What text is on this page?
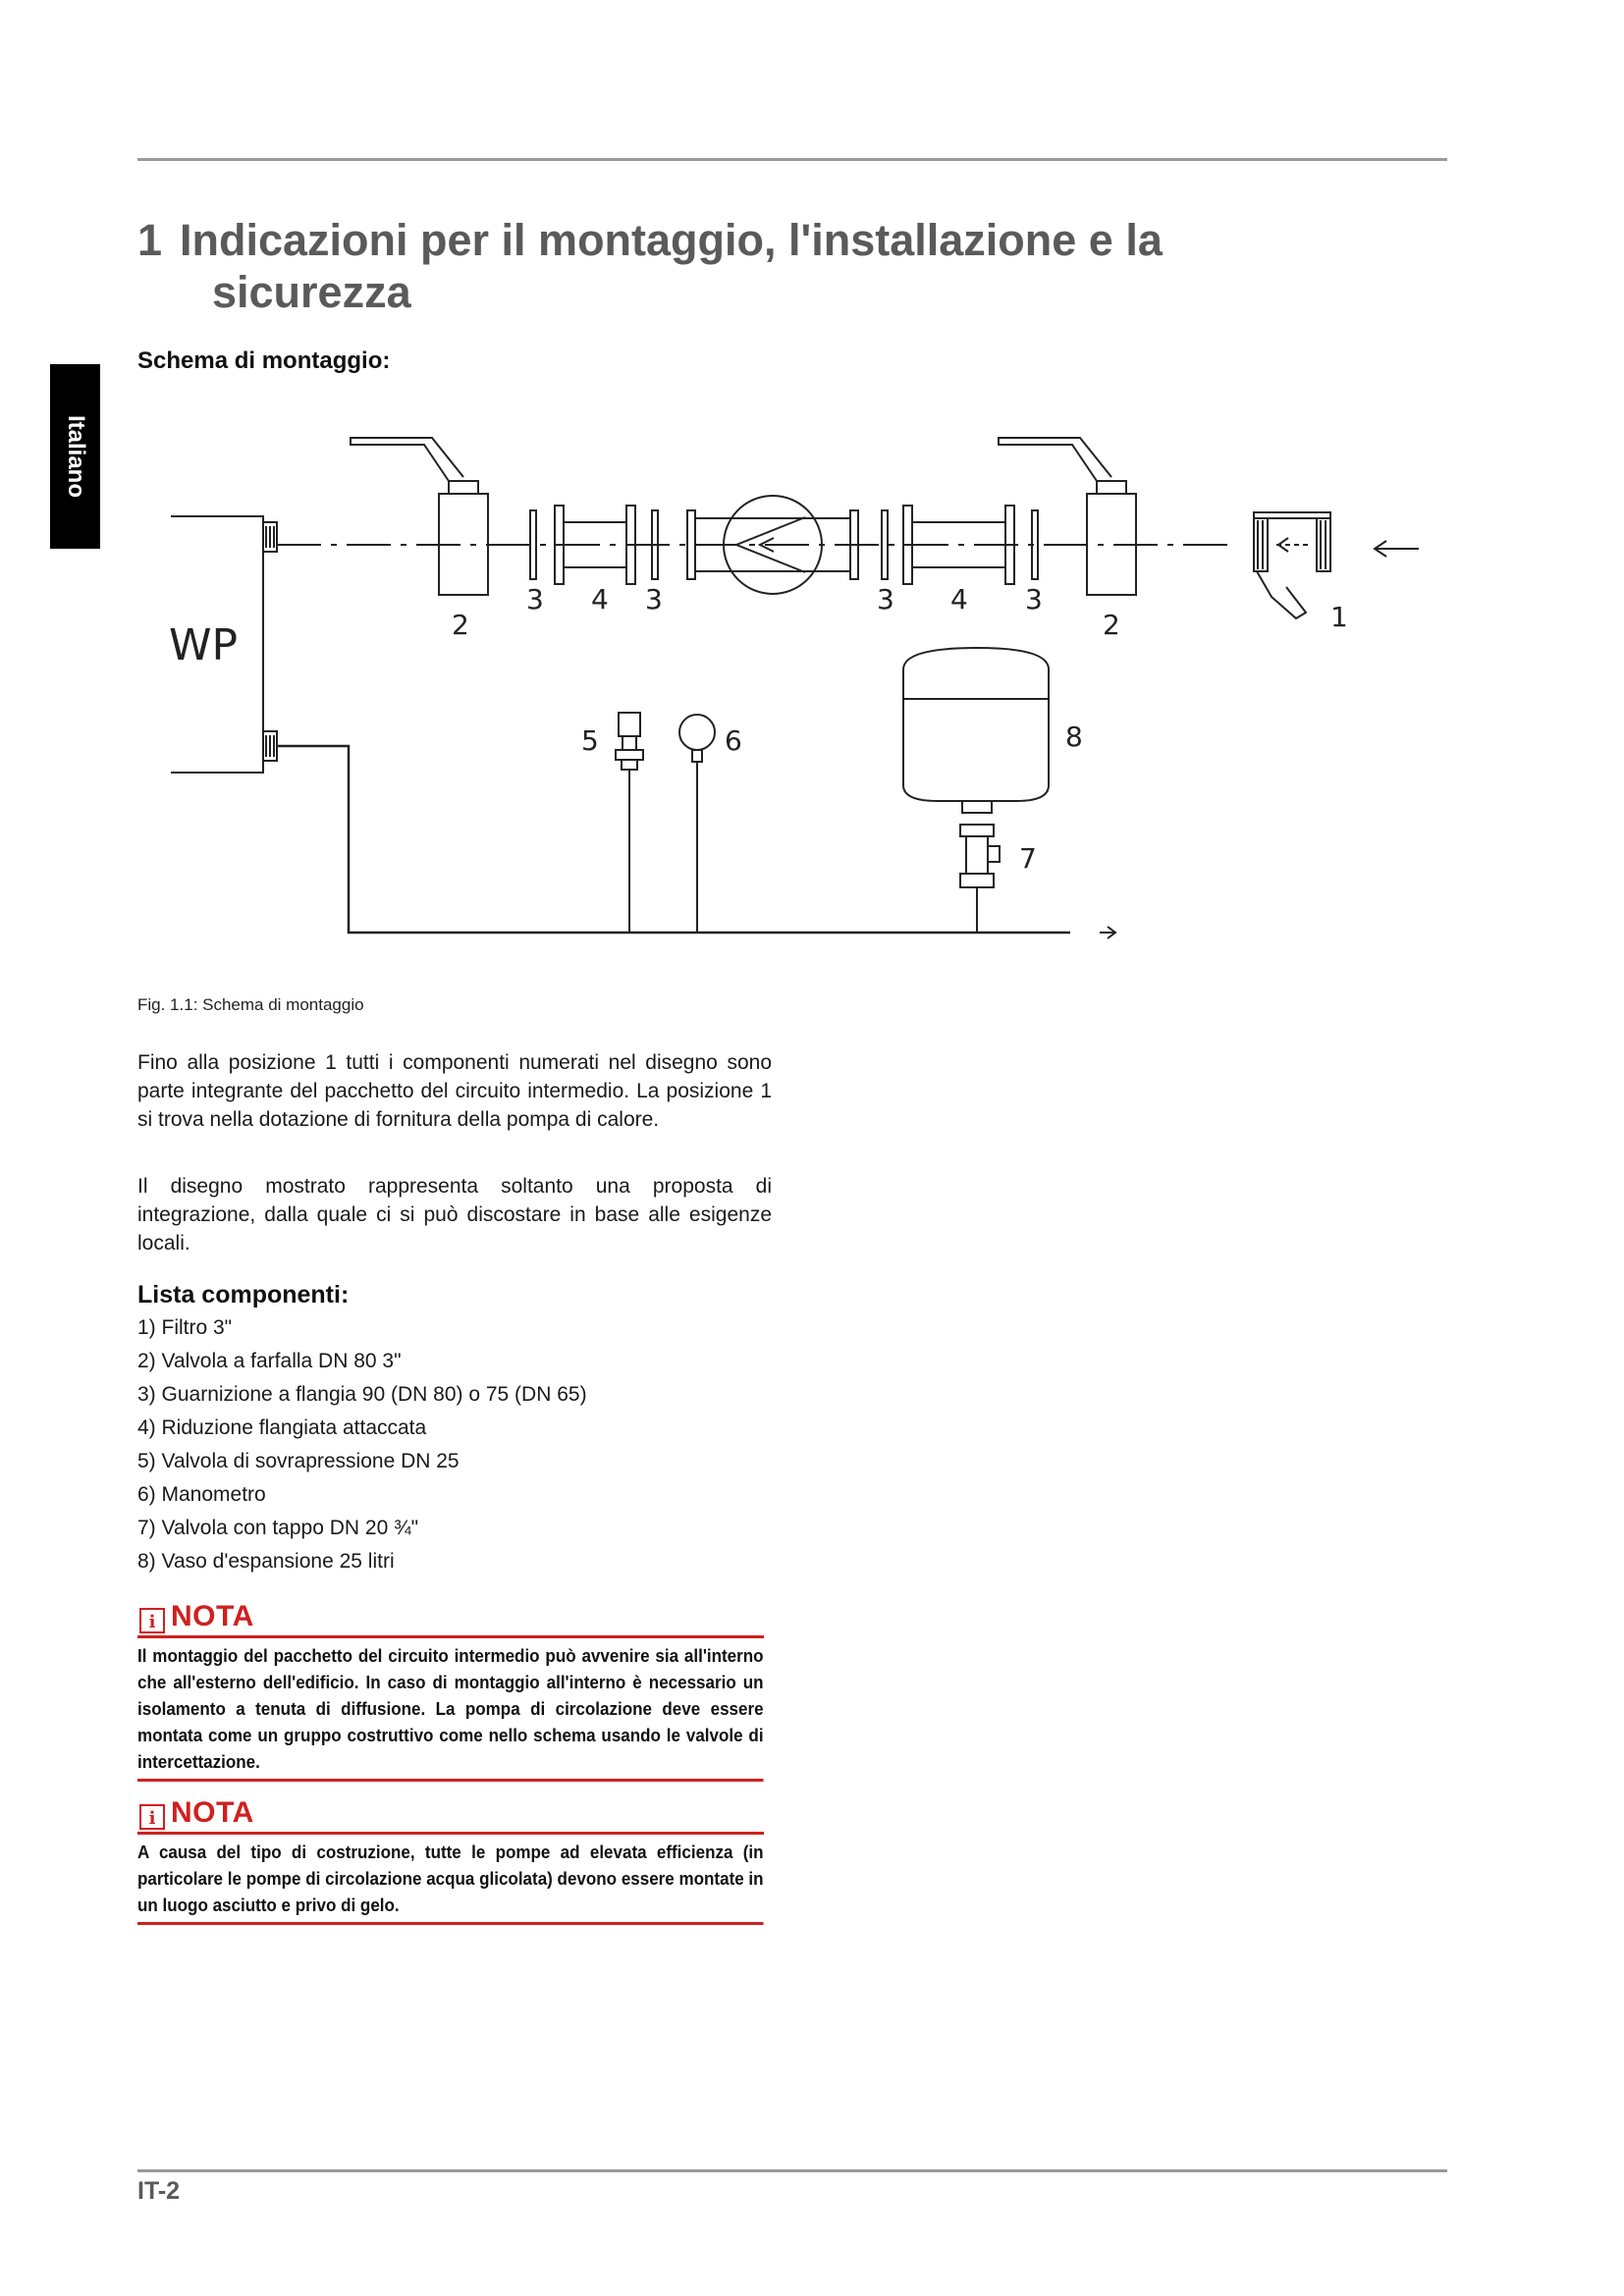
Italiano
1 Indicazioni per il montaggio, l'installazione e la
sicurezza
Schema di montaggio:
WP	2
3 4 3	3 4 3
2	1
5	6	8
7
Fig. 1.1: Schema di montaggio

Fino alla posizione 1 tutti i componenti numerati nel disegno sono parte integrante del pacchetto del circuito intermedio. La posizione 1 si trova nella dotazione di fornitura della pompa di calore.

Il disegno mostrato rappresenta soltanto una proposta di integrazione, dalla quale ci si può discostare in base alle esigenze locali.

Lista componenti:
1) Filtro 3"
2) Valvola a farfalla DN 80 3"
3) Guarnizione a flangia 90 (DN 80) o 75 (DN 65)
4) Riduzione flangiata attaccata
5) Valvola di sovrapressione DN 25
6) Manometro
7) Valvola con tappo DN 20 ¾"
8) Vaso d'espansione 25 litri
i NOTA
Il montaggio del pacchetto del circuito intermedio può avvenire sia all'interno che all'esterno dell'edificio. In caso di montaggio all'interno è necessario un isolamento a tenuta di diffusione. La pompa di circolazione deve essere montata come un gruppo costruttivo come nello schema usando le valvole di intercettazione.
i NOTA
A causa del tipo di costruzione, tutte le pompe ad elevata efficienza (in particolare le pompe di circolazione acqua glicolata) devono essere montate in un luogo asciutto e privo di gelo.
IT-2
